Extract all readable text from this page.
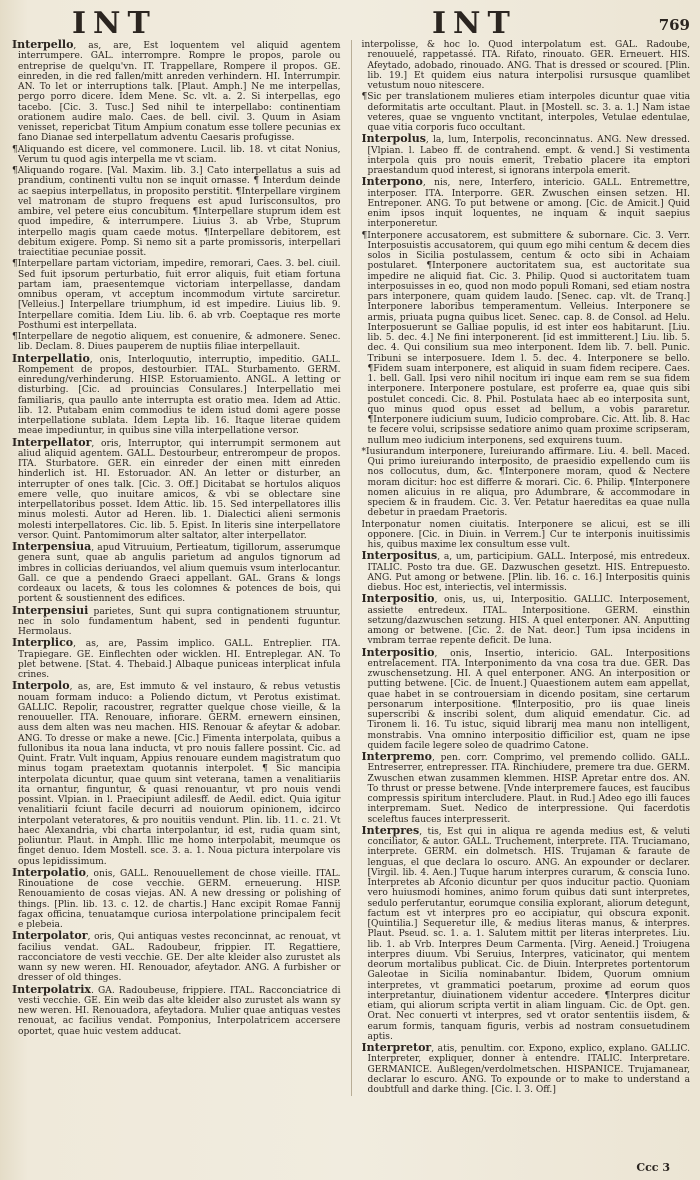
INT	INT	769

Interpello, as, are, Est loquentem vel aliquid agentem interrumpere. GAL. interrompre. Rompre le propos, parole ou entreprise de quelqu'vn. IT. Trappellare, Rompere il propos. GE. einreden, in die red fallen/mitt anreden verhindern. HI. Interrumpir. AN. To let or interruptions talk. [Plaut. Amph.] Ne me interpellas, pergo porro dicere. Idem Mene. Sc. vlt. a. 2. Si interpellas, ego tacebo. [Cic. 3. Tusc.] Sed nihil te interpellabo: continentiam orationem audire malo. Caes. de bell. civil. 3. Quum in Asiam venisset, repericbat Titum Ampium conatum esse tollere pecunias ex fano Dianae sed interpellatum adventu Caesaris profugisse.

¶Aliquando est dicere, vel commonere. Lucil. lib. 18. vt citat Nonius, Verum tu quod agis interpella me vt sciam.

¶Aliquando rogare. [Val. Maxim. lib. 3.] Cato interpellatus a suis ad prandium, continenti vultu non se inquit ornasse. ¶ Interdum deinde ac saepius interpellatus, in proposito perstitit. ¶Interpellare virginem vel matronam de stupro frequens est apud Iurisconsultos, pro ambire, vel petere eius concubitum. ¶Interpellare stuprum idem est quod impedire, & interrumpere. Liuius 3. ab Vrbe, Stuprum interpello magis quam caede motus. ¶Interpellare debitorem, est debitum exigere. Pomp. Si nemo sit a parte promissoris, interpellari traiectitiae pecuniae possit.

¶Interpellare partam victoriam, impedire, remorari, Caes. 3. bel. ciuil. Sed fuit ipsorum perturbatio, fuit error aliquis, fuit etiam fortuna partam iam, praesentemque victoriam interpellasse, dandam omnibus operam, vt acceptum incommodum virtute sarciretur. [Velleius.] Interpellare triumphum, id est impedire. Liuius lib. 9. Interpellare comitia. Idem Liu. lib. 6. ab vrb. Coeptaque res morte Posthumi est interpellata.

¶Interpellare de negotio aliquem, est conuenire, & admonere. Senec. lib. Declam. 8. Diues pauperem de nuptiis filiae interpellauit.

Interpellatio, onis, Interloquutio, interruptio, impeditio. GALL. Rompement de propos, destourbier. ITAL. Sturbamento. GERM. einredung/verhinderung. HISP. Estoruamiento. ANGL. A letting or disturbing. [Cic. ad prouincias Consulares.] Interpellatio mei familiaris, qua paullo ante interrupta est oratio mea. Idem ad Attic. lib. 12. Putabam enim commodius te idem istud domi agere posse interpellatione sublata. Idem Lepta lib. 16. Itaque literae quidem meae impediuntur, in quibus sine villa interpellatione versor.

Interpellator, oris, Interruptor, qui interrumpit sermonem aut aliud aliquid agentem. GALL. Destourbeur, entrerompeur de propos. ITA. Sturbatore. GER. ein einreder der einen mitt einreden hinderlich ist. HI. Estoruador. AN. An letter or disturber, an interrupter of ones talk. [Cic. 3. Off.] Dicitabat se hortulos aliquos emere velle, quo inuitare amicos, & vbi se oblectare sine interpellatoribus posset. Idem Attic. lib. 15. Sed interpellatores illis minus molesti. Autor ad Heren. lib. 1. Dialectici alieni sermonis molesti interpellatores. Cic. lib. 5. Epist. In literis sine interpellatore versor. Quint. Pantomimorum alter saltator, alter interpellator.

Interpensiua, apud Vitruuium, Pertieatum, tigillorum, asserumque genera sunt, quae ab angulis parietum ad angulos tignorum ad imbres in collicias deriuandos, vel alium quemuis vsum interlocantur. Gall. ce que a pendendo Graeci appellant. GAL. Grans & longs cordeaux ou lacets, & tous les colomnes & potences de bois, qui portent & soustiennent des edifices.

Interpensiui parietes, Sunt qui supra contignationem struuntur, nec in solo fundamentum habent, sed in pendenti fuguntur. Hermolaus.

Interplico, as, are, Passim implico. GALL. Entreplier. ITA. Trapiegare. GE. Einflechten oder wicklen. HI. Entreplegar. AN. To plet betwene. [Stat. 4. Thebaid.] Albaque puniceas interplicat infula crines.

Interpolo, as, are, Est immuto & vel instauro, & rebus vetustis nouam formam induco: a Poliendo dictum, vt Perotus existimat. GALLIC. Repolir, racoustrer, regratter quelque chose vieille, & la renouueller. ITA. Renouare, infiorare. GERM. ernewern einsinen, auss dem alten was neu machen. HIS. Renouar & afeytar & adobar. ANG. To dresse or make a newe. [Cic.] Fimenta interpolata, quibus a fullonibus ita noua lana inducta, vt pro nouis fallere possint. Cic. ad Quint. Fratr. Vult inquam, Appius renouare eundem magistratum quo minus togam praetextam quotannis interpolet. ¶ Sic mancipia interpolata dicuntur, quae quum sint veterana, tamen a venalitiariis ita ornantur, finguntur, & quasi renouantur, vt pro nouis vendi possint. Vlpian. in l. Praecipiunt adilesff. de Aedil. edict. Quia igitur venalitiarii fciunt facile decurri ad nouiorum opinionem, idcirco interpolant veteratores, & pro nouitiis vendunt. Plin. lib. 11. c. 21. Vt haec Alexandria, vbi charta interpolantur, id est, rudia quam sint, poliuntur. Plaut. in Amph. Illic me homo interpolabit, meumque os finget denuo. Idem Mostell. sce. 3. a. 1. Noua pictura interpolare vis opus lepidissimum.

Interpolatio, onis, GALL. Renouuellement de chose vieille. ITAL. Rinouatione de cose vecchie. GERM. erneuerung. HISP. Renouamiento de cosas viejas. AN. A new dressing or polishing of things. [Plin. lib. 13. c. 12. de chartis.] Hanc excipit Romae Fannij fagax officina, tenuatamque curiosa interpolatione principalem fecit e plebeia.

Interpolator, oris, Qui antiquas vestes reconcinnat, ac renouat, vt facilius vendat. GAL. Radoubeur, frippier. IT. Regattiere, racconciatore de vesti vecchie. GE. Der alte kleider also zurustet als wann sy new weren. HI. Renouador, afeytador. ANG. A furbisher or dresser of old thinges.

Interpolatrix. GA. Radoubeuse, frippiere. ITAL. Racconciatrice di vesti vecchie. GE. Ein weib das alte kleider also zurustet als wann sy new weren. HI. Renouadora, afeytadora. Mulier quae antiquas vestes renouat, ac facilius vendat. Pomponius, Interpolatricem accersere oportet, quae huic vestem adducat.

interpolisse, & hoc lo. Quod interpolatum est. GAL. Radoube, renouuelé, rappetassé. ITA. Rifato, rinouato. GER. Erneuert. HIS. Afeytado, adobado, rinouado. ANG. That is dressed or scoured. [Plin. lib. 19.] Et quidem eius natura interpolisi rursusque quamlibet vetustum nouo nitescere.

¶Sic per translationem mulieres etiam interpoles dicuntur quae vitia deformitatis arte occultant. Plaut. in [Mostell. sc. 3. a. 1.] Nam istae veteres, quae se vnguento vnctitant, interpoles, Vetulae edentulae, quae vitia corporis fuco occultant.

Interpolus, la, lum, Interpolis, reconcinnatus. ANG. New dressed. [Vlpian. l. Labeo ff. de contrahend. empt. & vend.] Si vestimenta interpola quis pro nouis emerit, Trebatio placere ita emptori praestandum quod interest, si ignorans interpola emerit.

Interpono, nis, nere, Interfero, intericio. GALL. Entremettre, interposer. ITA. Interporre. GER. Zwuschen einsen setzen. HI. Entreponer. ANG. To put betwene or among. [Cic. de Amicit.] Quid enim ipsos inquit loquentes, ne inquam & inquit saepius interponeretur.

¶Interponere accusatorem, est submittere & subornare. Cic. 3. Verr. Interposuistis accusatorem, qui quum ego mihi centum & decem dies solos in Sicilia postulassem, centum & octo sibi in Achaiam postularet. ¶Interponere auctoritatem sua, est auctoritate sua impedire ne aliquid fiat. Cic. 3. Philip. Quod si auctoritatem tuam interposuisses in eo, quod non modo populi Romani, sed etiam nostra pars interponere, quam quidem laudo. [Senec. cap. vlt. de Tranq.] Interponere laboribus temperamentum. Velleius. Interponere se armis, priuata pugna quibus licet. Senec. cap. 8. de Consol. ad Helu. Interposuerunt se Galliae populis, id est inter eos habitarunt. [Liu. lib. 5. dec. 4.] Ne fini interponerent. [id est immitterent.] Liu. lib. 5. dec. 4. Qui consilium sua meo interponent. Idem lib. 7. bell. Punic. Tribuni se interposuere. Idem l. 5. dec. 4. Interponere se bello. ¶Fidem suam interponere, est aliquid in suam fidem recipere. Caes. 1. bell. Gall. Ipsi vero nihil nocitum iri inque eam rem se sua fidem interponere. Interponere postulare, est proferre ea, quae quis sibi postulet concedi. Cic. 8. Phil. Postulata haec ab eo interposita sunt, quo minus quod opus esset ad bellum, a vobis pararetur. ¶Interponere iudicium suum, Iudicio comprobare. Cic. Att. lib. 8. Hac te fecere volui, scripsisse sedatiore animo quam proxime scripseram, nullum meo iudicium interponens, sed exquirens tuum.

*Iusiurandum interponere, Iureiurando affirmare. Liu. 4. bell. Maced. Qui primo iureiurando interposito, de praesidio expellendo cum iis nos collocutus, dum, &c. ¶Interponere moram, quod & Nectere moram dicitur: hoc est differre & morari. Cic. 6. Philip. ¶Interponere nomen alicuius in re aliqua, pro Adumbrare, & accommodare in speciem & in fraudem. Cic. 3. Ver. Petatur haereditas ea quae nulla debetur in praedam Praetoris.

Interponatur nomen ciuitatis. Interponere se alicui, est se illi opponere. [Cic. in Diuin. in Verrem.] Cur te interponis inuitissimis his, quibus maxime lex consultum esse vult.

Interpositus, a, um, participium. GALL. Interposé, mis entredeux. ITALIC. Posto tra due. GE. Dazwuschen gesetzt. HIS. Entrepuesto. ANG. Put among or betwene. [Plin. lib. 16. c. 16.] Interpositis quinis diebus. Hoc est, interiectis, vel intermissis.

Interpositio, onis, us, ui, Interpositio. GALLIC. Interposement, assiette entredeux. ITAL. Interpositione. GERM. einsthin setzung/dazwuschen setzung. HIS. A quel enterponer. AN. Anputting among or betwene. [Cic. 2. de Nat. deor.] Tum ipsa incidens in vmbram terrae repente deficit. De luna.

Interpositio, onis, Insertio, intericio. GAL. Interpositions entrelacement. ITA. Interponimento da vna cosa tra due. GER. Das zwuschensetzung. HI. A quel enterponer. ANG. An interposition or putting betwene. [Cic. de Inuent.] Quaestionem autem eam appellat, quae habet in se controuersiam in dicendo positam, sine certarum personarum interpositione. ¶Interpositio, pro iis quae lineis superscribi & inscribi solent, dum aliquid emendatur. Cic. ad Tironem li. 16. Tu istuc, siquid librarij mea manu non intelligent, monstrabis. Vna omnino interpositio difficilior est, quam ne ipse quidem facile legere soleo de quadrimo Catone.

Interpremo, pen. corr. Comprimo, vel premendo collido. GALL. Entreserrer, entrepresser. ITA. Rinchiudere, premere tra due. GERM. Zwuschen etwan zusammen klemmen. HISP. Apretar entre dos. AN. To thrust or presse betwene. [Vnde interpremere fauces, est faucibus compressis spiritum intercludere. Plaut. in Rud.] Adeo ego illi fauces interpremam. Suet. Nedico de interpressione. Qui facerdotis sceleftus fauces interpresserit.

Interpres, tis, Est qui in aliqua re agenda medius est, & veluti conciliator, & autor. GALL. Truchement, interprete. ITA. Truciamano, interprete. GERM. ein dolmetsch. HIS. Trujaman & faraute de lenguas, el que declara lo oscuro. ANG. An expounder or declarer. [Virgil. lib. 4. Aen.] Tuque harum interpres curarum, & conscia Iuno. Interpretes ab Afconio dicuntur per quos inducitur pactio. Quoniam vero huiusmodi homines, animo forum quibus dati sunt interpretes, sedulo perferutantur, eorumque consilia explorant, aliorum detegunt, factum est vt interpres pro eo accipiatur, qui obscura exponit. [Quintilia.] Sequeretur ille, & medius literas manus, & interpres. Plaut. Pseud. sc. 1. a. 1. Salutem mittit per literas interpretes. Liu. lib. 1. ab Vrb. Interpres Deum Carmenta. [Virg. Aeneid.] Troiugena interpres diuum. Vbi Seruius, Interpres, vaticinator, qui mentem deorum mortalibus publicat. Cic. de Diuin. Interpretes portentorum Galeotae in Sicilia nominabantur. Ibidem, Quorum omnium interpretes, vt grammatici poetarum, proxime ad eorum quos interpretantur, diuinationem videntur accedere. ¶Interpres dicitur etiam, qui aliorum scripta vertit in aliam linguam. Cic. de Opt. gen. Orat. Nec conuerti vt interpres, sed vt orator sententiis iisdem, & earum formis, tanquam figuris, verbis ad nostram consuetudinem aptis.

Interpretor, atis, penultim. cor. Expono, explico, explano. GALLIC. Interpreter, expliquer, donner à entendre. ITALIC. Interpretare. GERMANICE. Außlegen/verdolmetschen. HISPANICE. Trujamanear, declarar lo escuro. ANG. To expounde or to make to understand a doubtfull and darke thing. [Cic. l. 3. Off.]

Ccc 3
